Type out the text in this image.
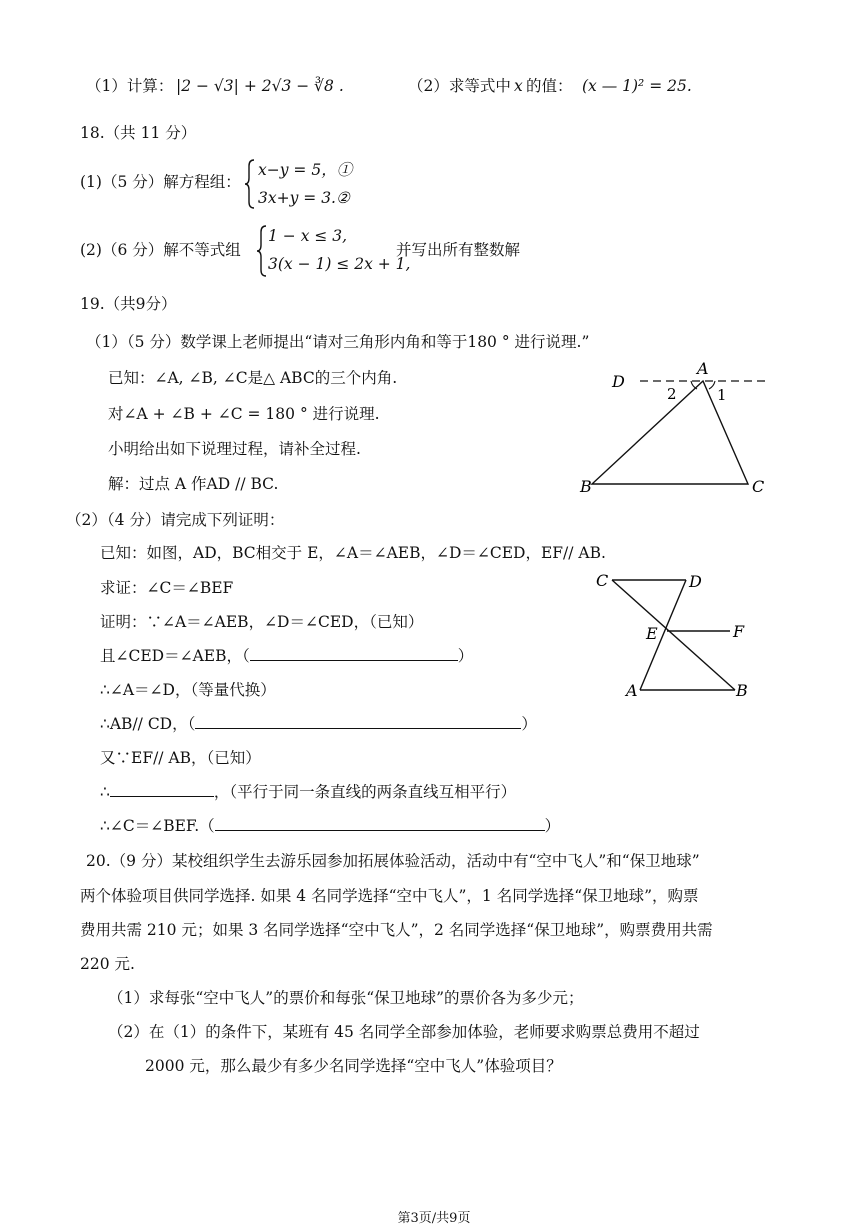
（1）计算： |2 − √3| + 2√3 − ∛8 .	（2）求等式中 x 的值： (x — 1)² = 25.
18.（共 11 分）
(1)（5 分）解方程组：
x−y = 5，①
3x+y = 3.②
(2)（6 分）解不等式组
1 − x ≤ 3,
3(x − 1) ≤ 2x + 1,
并写出所有整数解
19.（共9分）
（1）（5 分）数学课上老师提出“请对三角形内角和等于180 ° 进行说理.”
已知：∠A, ∠B, ∠C是△ ABC的三个内角.
对∠A + ∠B + ∠C = 180 ° 进行说理.
小明给出如下说理过程，请补全过程.
解：过点 A 作AD // BC.
D
A
2	1
B	C
（2）（4 分）请完成下列证明：
已知：如图，AD，BC相交于 E，∠A＝∠AEB，∠D＝∠CED，EF// AB.
求证：∠C＝∠BEF
证明：∵∠A＝∠AEB，∠D＝∠CED，（已知）
且∠CED＝∠AEB，（	）
∴∠A＝∠D，（等量代换）
∴AB// CD，（	）
又∵EF// AB，（已知）
∴	，（平行于同一条直线的两条直线互相平行）
∴∠C＝∠BEF.（	）
C	D
E	F
A	B
20.（9 分）某校组织学生去游乐园参加拓展体验活动，活动中有“空中飞人”和“保卫地球”
两个体验项目供同学选择. 如果 4 名同学选择“空中飞人”，1 名同学选择“保卫地球”，购票
费用共需 210 元；如果 3 名同学选择“空中飞人”，2 名同学选择“保卫地球”，购票费用共需
220 元.
（1）求每张“空中飞人”的票价和每张“保卫地球”的票价各为多少元；
（2）在（1）的条件下，某班有 45 名同学全部参加体验，老师要求购票总费用不超过
2000 元，那么最少有多少名同学选择“空中飞人”体验项目？
第3页/共9页
